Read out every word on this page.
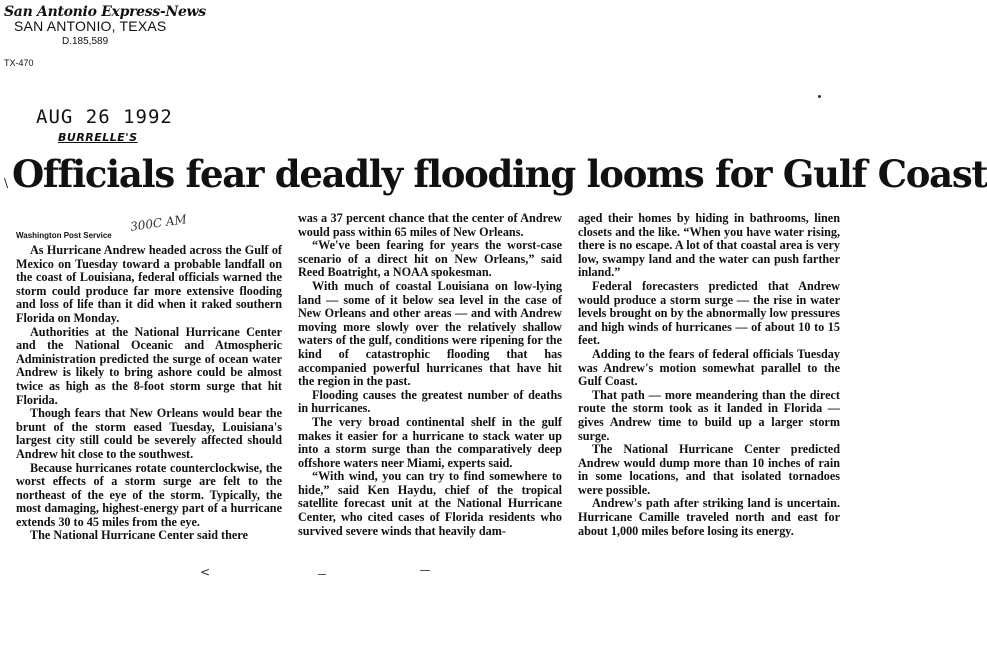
San Antonio Express-News
SAN ANTONIO, TEXAS
D.185,589
TX-470
AUG 26 1992
BURRELLE'S
\ Officials fear deadly flooding looms for Gulf Coast
Washington Post Service
300C AM

As Hurricane Andrew headed across the Gulf of Mexico on Tuesday toward a probable landfall on the coast of Louisiana, federal officials warned the storm could produce far more extensive flooding and loss of life than it did when it raked southern Florida on Monday.

Authorities at the National Hurricane Center and the National Oceanic and Atmospheric Administration predicted the surge of ocean water Andrew is likely to bring ashore could be almost twice as high as the 8-foot storm surge that hit Florida.

Though fears that New Orleans would bear the brunt of the storm eased Tuesday, Louisiana's largest city still could be severely affected should Andrew hit close to the southwest.

Because hurricanes rotate counterclockwise, the worst effects of a storm surge are felt to the northeast of the eye of the storm. Typically, the most damaging, highest-energy part of a hurricane extends 30 to 45 miles from the eye.

The National Hurricane Center said there

was a 37 percent chance that the center of Andrew would pass within 65 miles of New Orleans.

“We've been fearing for years the worst-case scenario of a direct hit on New Orleans,” said Reed Boatright, a NOAA spokesman.

With much of coastal Louisiana on low-lying land — some of it below sea level in the case of New Orleans and other areas — and with Andrew moving more slowly over the relatively shallow waters of the gulf, conditions were ripening for the kind of catastrophic flooding that has accompanied powerful hurricanes that have hit the region in the past.

Flooding causes the greatest number of deaths in hurricanes.

The very broad continental shelf in the gulf makes it easier for a hurricane to stack water up into a storm surge than the comparatively deep offshore waters neer Miami, experts said.

“With wind, you can try to find somewhere to hide,” said Ken Haydu, chief of the tropical satellite forecast unit at the National Hurricane Center, who cited cases of Florida residents who survived severe winds that heavily dam-

aged their homes by hiding in bathrooms, linen closets and the like. “When you have water rising, there is no escape. A lot of that coastal area is very low, swampy land and the water can push farther inland.”

Federal forecasters predicted that Andrew would produce a storm surge — the rise in water levels brought on by the abnormally low pressures and high winds of hurricanes — of about 10 to 15 feet.

Adding to the fears of federal officials Tuesday was Andrew's motion somewhat parallel to the Gulf Coast.

That path — more meandering than the direct route the storm took as it landed in Florida — gives Andrew time to build up a larger storm surge.

The National Hurricane Center predicted Andrew would dump more than 10 inches of rain in some locations, and that isolated tornadoes were possible.

Andrew's path after striking land is uncertain. Hurricane Camille traveled north and east for about 1,000 miles before losing its energy.

<
